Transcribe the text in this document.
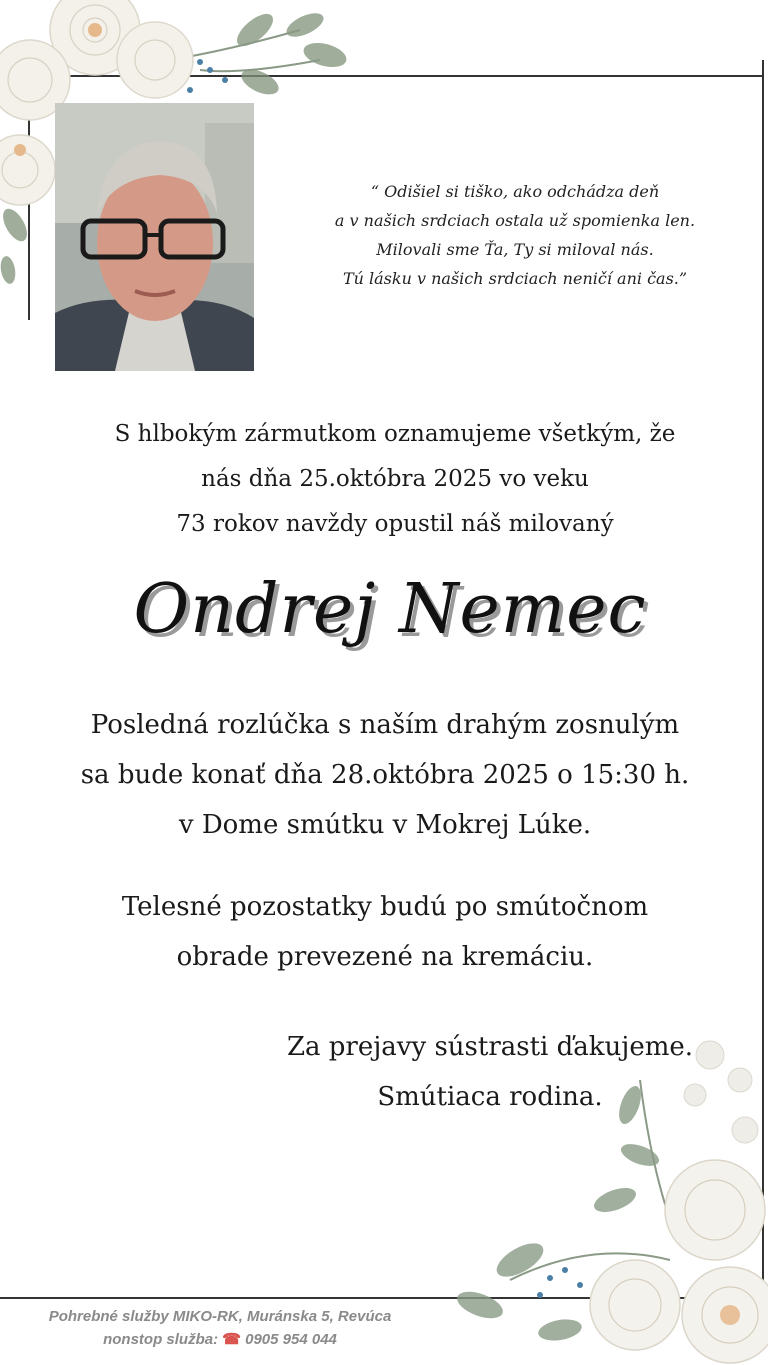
“ Odišiel si tiško, ako odchádza deň
a v našich srdciach ostala už spomienka len.
Milovali sme Ťa, Ty si miloval nás.
Tú lásku v našich srdciach neničí ani čas.”
S hlbokým zármutkom oznamujeme všetkým, že
nás dňa 25.októbra 2025 vo veku
73 rokov navždy opustil náš milovaný
Ondrej Nemec
Posledná rozlúčka s naším drahým zosnulým
sa bude konať dňa 28.októbra 2025 o 15:30 h.
v Dome smútku v Mokrej Lúke.
Telesné pozostatky budú po smútočnom
obrade prevezené na kremáciu.
Za prejavy sústrasti ďakujeme.
Smútiaca rodina.
Pohrebné služby MIKO-RK, Muránska 5, Revúca
nonstop služba: ☎ 0905 954 044
